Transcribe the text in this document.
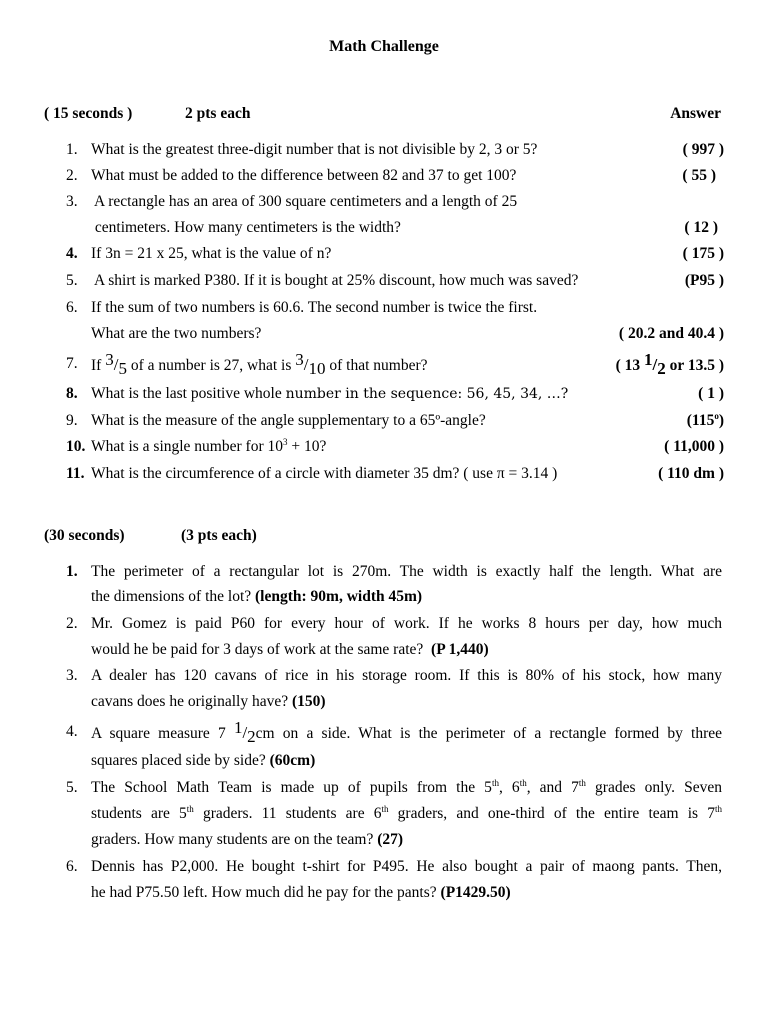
Math Challenge
( 15 seconds )	2 pts each	Answer
1. What is the greatest three-digit number that is not divisible by 2, 3 or 5?	( 997 )
2. What must be added to the difference between 82 and 37 to get 100?	( 55 )
3. A rectangle has an area of 300 square centimeters and a length of 25
centimeters. How many centimeters is the width?	( 12 )
4. If 3n = 21 x 25, what is the value of n?	( 175 )
5. A shirt is marked P380. If it is bought at 25% discount, how much was saved?	(P95 )
6. If the sum of two numbers is 60.6. The second number is twice the first.
What are the two numbers?	( 20.2 and 40.4 )
7. If 3/5 of a number is 27, what is 3/10 of that number?	( 13 1/2 or 13.5 )
8. What is the last positive whole number in the sequence: 56, 45, 34, …?	( 1 )
9. What is the measure of the angle supplementary to a 65º-angle?	(115$^o$)
10. What is a single number for $10^3 + 10$?	( 11,000 )
11. What is the circumference of a circle with diameter 35 dm? ( use π = 3.14 )	( 110 dm )
(30 seconds)	(3 pts each)
1. The perimeter of a rectangular lot is 270m. The width is exactly half the length. What are
the dimensions of the lot? (length: 90m, width 45m)
2. Mr. Gomez is paid P60 for every hour of work. If he works 8 hours per day, how much
would he be paid for 3 days of work at the same rate?  (P 1,440)
3. A dealer has 120 cavans of rice in his storage room. If this is 80% of his stock, how many
cavans does he originally have? (150)
4. A square measure 7 1/2cm on a side. What is the perimeter of a rectangle formed by three
squares placed side by side? (60cm)
5. The School Math Team is made up of pupils from the 5th, 6th, and 7th grades only. Seven
students are 5th graders. 11 students are 6th graders, and one-third of the entire team is 7th
graders. How many students are on the team? (27)
6. Dennis has P2,000. He bought t-shirt for P495. He also bought a pair of maong pants. Then,
he had P75.50 left. How much did he pay for the pants? (P1429.50)
